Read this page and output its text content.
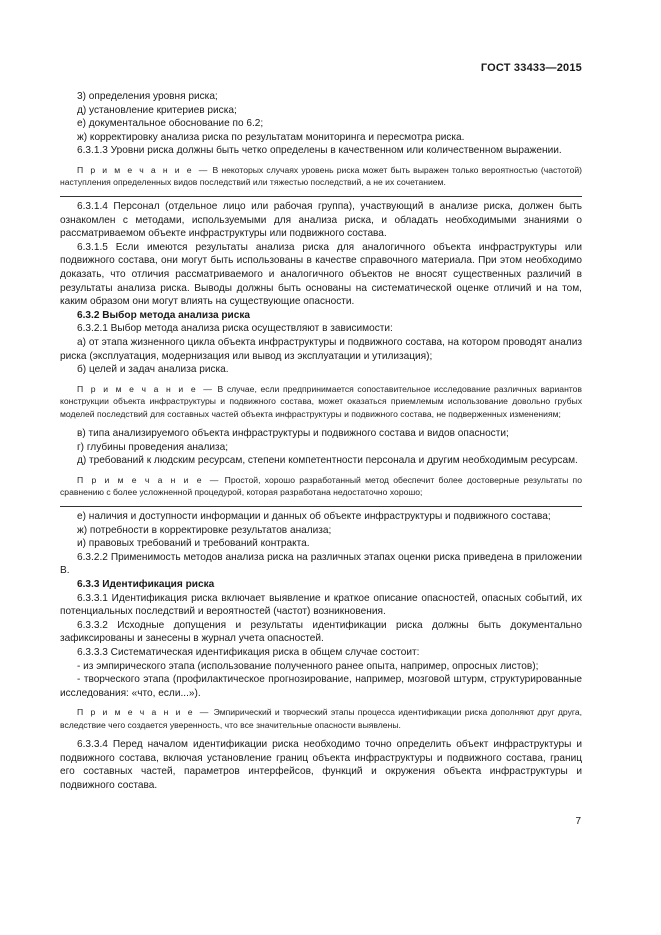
ГОСТ 33433—2015

3) определения уровня риска;

д) установление критериев риска;

е) документальное обоснование по 6.2;

ж) корректировку анализа риска по результатам мониторинга и пересмотра риска.

6.3.1.3 Уровни риска должны быть четко определены в качественном или количественном выражении.

П р и м е ч а н и е — В некоторых случаях уровень риска может быть выражен только вероятностью (частотой) наступления определенных видов последствий или тяжестью последствий, а не их сочетанием.

6.3.1.4 Персонал (отдельное лицо или рабочая группа), участвующий в анализе риска, должен быть ознакомлен с методами, используемыми для анализа риска, и обладать необходимыми знаниями о рассматриваемом объекте инфраструктуры или подвижного состава.

6.3.1.5 Если имеются результаты анализа риска для аналогичного объекта инфраструктуры или подвижного состава, они могут быть использованы в качестве справочного материала. При этом необходимо доказать, что отличия рассматриваемого и аналогичного объектов не вносят существенных различий в результаты анализа риска. Выводы должны быть основаны на систематической оценке отличий и на том, каким образом они могут влиять на существующие опасности.

6.3.2 Выбор метода анализа риска

6.3.2.1 Выбор метода анализа риска осуществляют в зависимости:

а) от этапа жизненного цикла объекта инфраструктуры и подвижного состава, на котором проводят анализ риска (эксплуатация, модернизация или вывод из эксплуатации и утилизация);

б) целей и задач анализа риска.

П р и м е ч а н и е — В случае, если предпринимается сопоставительное исследование различных вариантов конструкции объекта инфраструктуры и подвижного состава, может оказаться приемлемым использование довольно грубых моделей последствий для составных частей объекта инфраструктуры и подвижного состава, не подверженных изменениям;

в) типа анализируемого объекта инфраструктуры и подвижного состава и видов опасности;

г) глубины проведения анализа;

д) требований к людским ресурсам, степени компетентности персонала и другим необходимым ресурсам.

П р и м е ч а н и е — Простой, хорошо разработанный метод обеспечит более достоверные результаты по сравнению с более усложненной процедурой, которая разработана недостаточно хорошо;

е) наличия и доступности информации и данных об объекте инфраструктуры и подвижного состава;

ж) потребности в корректировке результатов анализа;

и) правовых требований и требований контракта.

6.3.2.2 Применимость методов анализа риска на различных этапах оценки риска приведена в приложении В.

6.3.3 Идентификация риска

6.3.3.1 Идентификация риска включает выявление и краткое описание опасностей, опасных событий, их потенциальных последствий и вероятностей (частот) возникновения.

6.3.3.2 Исходные допущения и результаты идентификации риска должны быть документально зафиксированы и занесены в журнал учета опасностей.

6.3.3.3 Систематическая идентификация риска в общем случае состоит:

- из эмпирического этапа (использование полученного ранее опыта, например, опросных листов);

- творческого этапа (профилактическое прогнозирование, например, мозговой штурм, структурированные исследования: «что, если...»).

П р и м е ч а н и е — Эмпирический и творческий этапы процесса идентификации риска дополняют друг друга, вследствие чего создается уверенность, что все значительные опасности выявлены.

6.3.3.4 Перед началом идентификации риска необходимо точно определить объект инфраструктуры и подвижного состава, включая установление границ объекта инфраструктуры и подвижного состава, границ его составных частей, параметров интерфейсов, функций и окружения объекта инфраструктуры и подвижного состава.

7
